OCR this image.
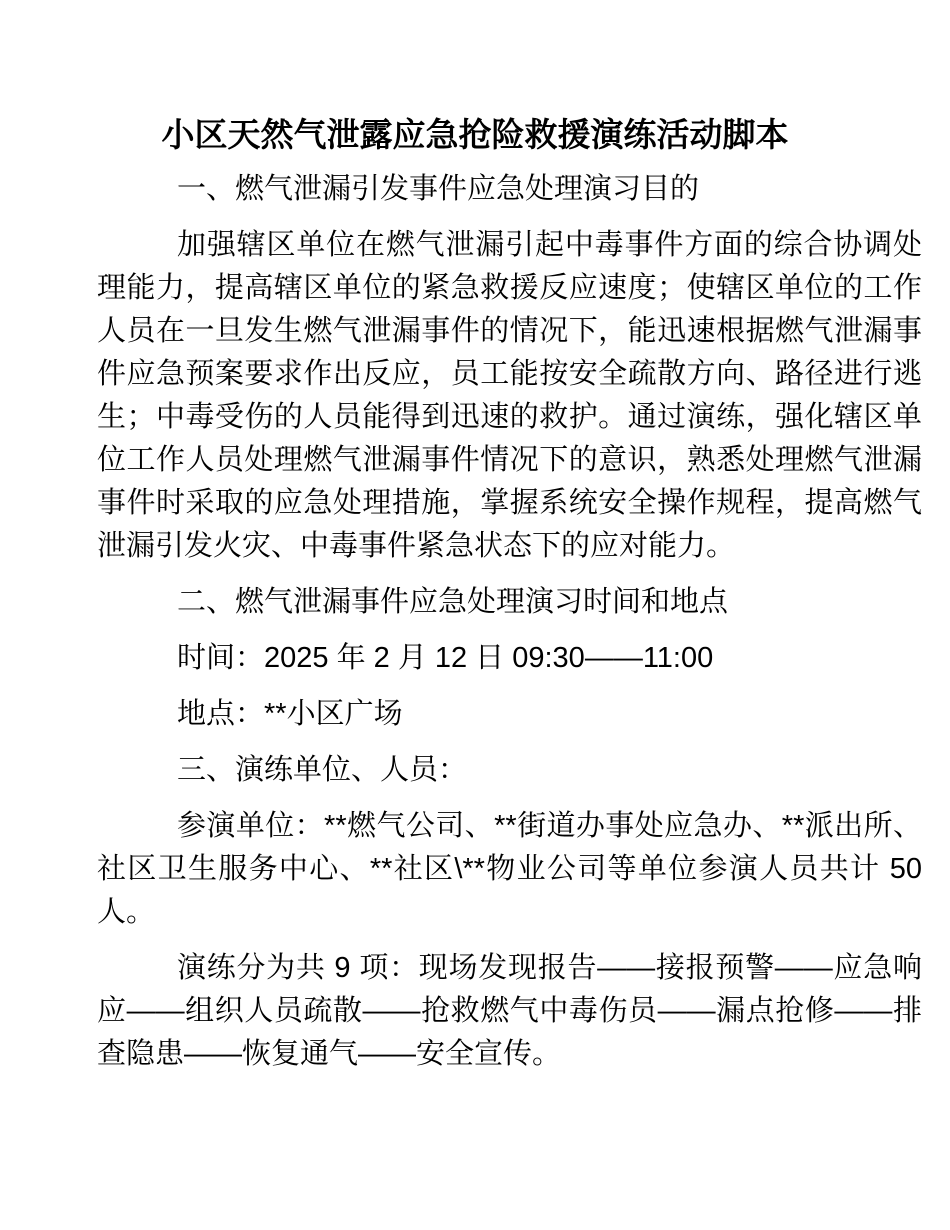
小区天然气泄露应急抢险救援演练活动脚本
一、燃气泄漏引发事件应急处理演习目的

加强辖区单位在燃气泄漏引起中毒事件方面的综合协调处理能力，提高辖区单位的紧急救援反应速度；使辖区单位的工作人员在一旦发生燃气泄漏事件的情况下，能迅速根据燃气泄漏事件应急预案要求作出反应，员工能按安全疏散方向、路径进行逃生；中毒受伤的人员能得到迅速的救护。通过演练，强化辖区单位工作人员处理燃气泄漏事件情况下的意识，熟悉处理燃气泄漏事件时采取的应急处理措施，掌握系统安全操作规程，提高燃气泄漏引发火灾、中毒事件紧急状态下的应对能力。

二、燃气泄漏事件应急处理演习时间和地点

时间：2025 年 2 月 12 日 09:30——11:00

地点：**小区广场

三、演练单位、人员：

参演单位：**燃气公司、**街道办事处应急办、**派出所、社区卫生服务中心、**社区\**物业公司等单位参演人员共计 50 人。

演练分为共 9 项：现场发现报告——接报预警——应急响应——组织人员疏散——抢救燃气中毒伤员——漏点抢修——排查隐患——恢复通气——安全宣传。
